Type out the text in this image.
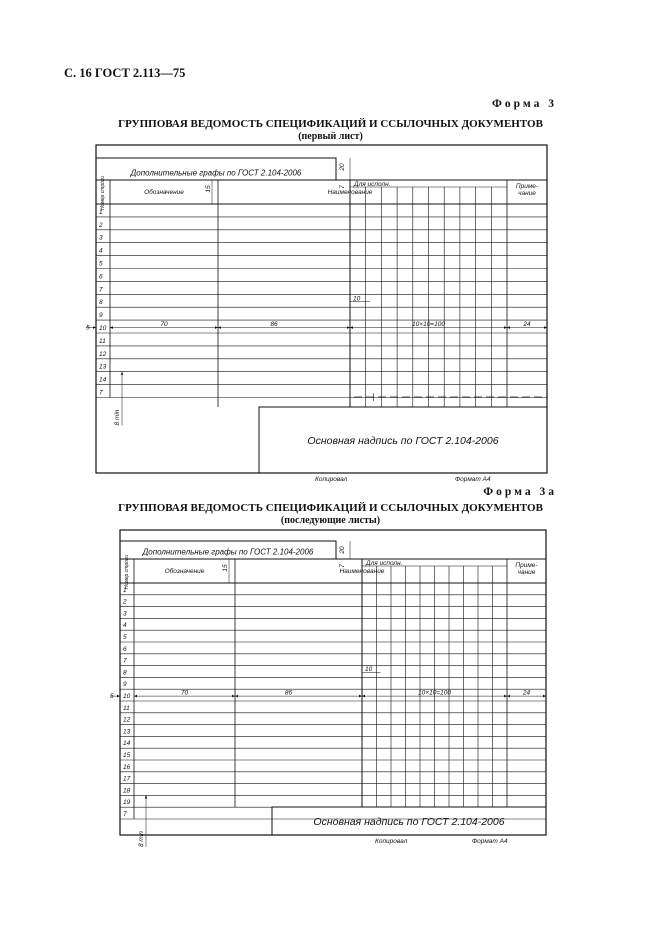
С. 16 ГОСТ 2.113—75
Форма 3
ГРУППОВАЯ ВЕДОМОСТЬ СПЕЦИФИКАЦИЙ И ССЫЛОЧНЫХ ДОКУМЕНТОВ
(первый лист)
Форма 3а
ГРУППОВАЯ ВЕДОМОСТЬ СПЕЦИФИКАЦИЙ И ССЫЛОЧНЫХ ДОКУМЕНТОВ
(последующие листы)
Дополнительные графы по ГОСТ 2.104-2006
20
7
Номер строки	Обозначение	Наименование
Для исполн.	Приме-
чание
15
1
2
3
4
5
6
7
8
9
10
11
12
13
14
7
5	70	86	10×10=100	24
10
8 min
Основная надпись по ГОСТ 2.104-2006
Копировал	Формат А4
Дополнительные графы по ГОСТ 2.104-2006	20
7
Номер строки	Обозначение	Наименование
Для исполн.	Приме-
чание
15
1
2
3
4
5
6
7
8
9
10
11
12
13
14
15
16
17
18
19
7
5	70	86	10×10=100	24
10
8 min
Основная надпись по ГОСТ 2.104-2006
Копировал	Формат А4
